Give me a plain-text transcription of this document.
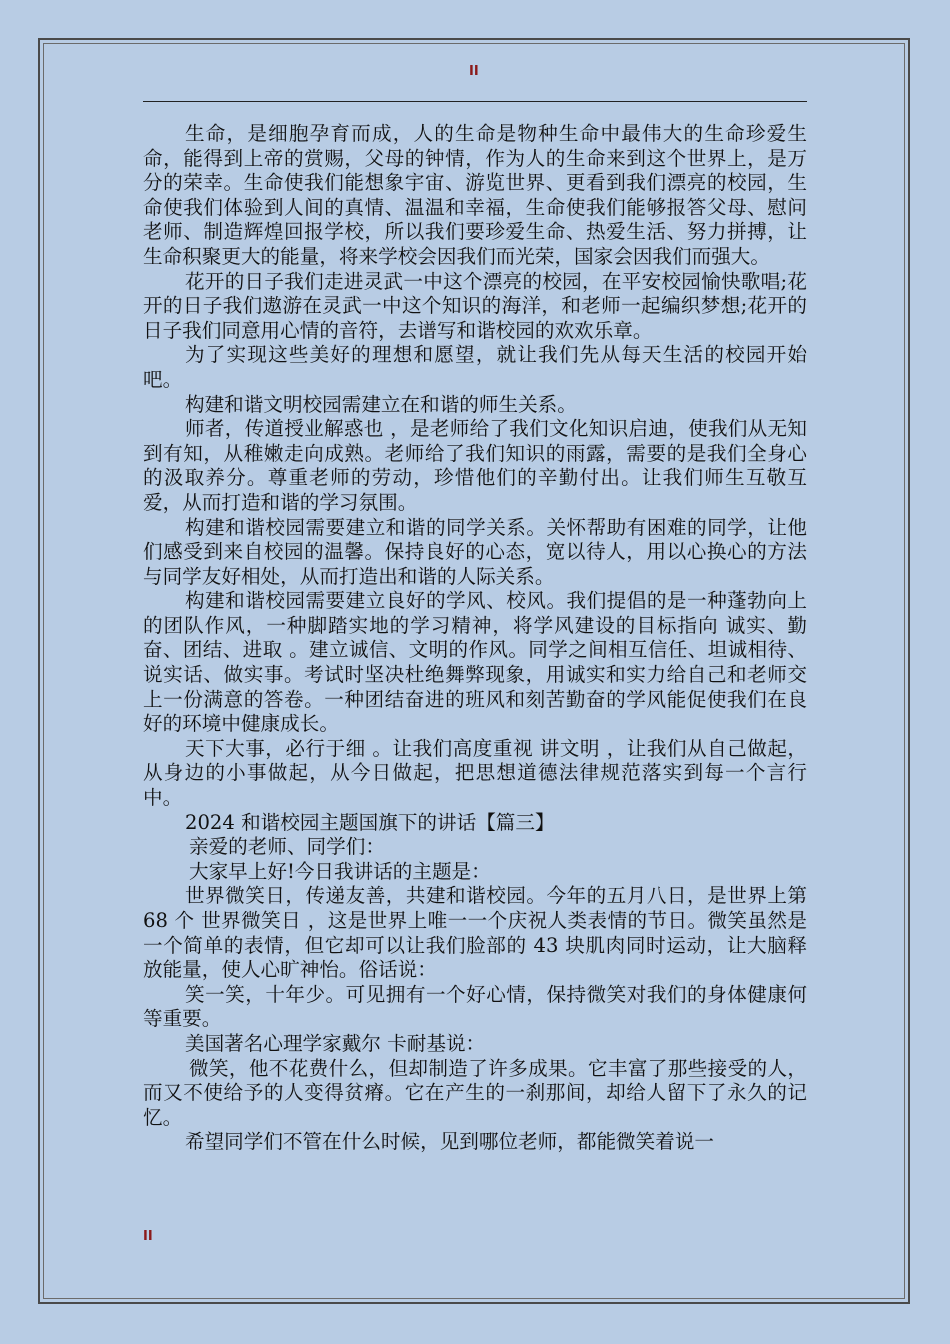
II

生命，是细胞孕育而成，人的生命是物种生命中最伟大的生命珍爱生命，能得到上帝的赏赐，父母的钟情，作为人的生命来到这个世界上，是万分的荣幸。生命使我们能想象宇宙、游览世界、更看到我们漂亮的校园，生命使我们体验到人间的真情、温温和幸福，生命使我们能够报答父母、慰问老师、制造辉煌回报学校，所以我们要珍爱生命、热爱生活、努力拼搏，让生命积聚更大的能量，将来学校会因我们而光荣，国家会因我们而强大。

花开的日子我们走进灵武一中这个漂亮的校园，在平安校园愉快歌唱;花开的日子我们遨游在灵武一中这个知识的海洋，和老师一起编织梦想;花开的日子我们同意用心情的音符，去谱写和谐校园的欢欢乐章。

为了实现这些美好的理想和愿望，就让我们先从每天生活的校园开始吧。

构建和谐文明校园需建立在和谐的师生关系。

师者，传道授业解惑也 ，是老师给了我们文化知识启迪，使我们从无知到有知，从稚嫩走向成熟。老师给了我们知识的雨露，需要的是我们全身心的汲取养分。尊重老师的劳动，珍惜他们的辛勤付出。让我们师生互敬互爱，从而打造和谐的学习氛围。

构建和谐校园需要建立和谐的同学关系。关怀帮助有困难的同学，让他们感受到来自校园的温馨。保持良好的心态，宽以待人，用以心换心的方法与同学友好相处，从而打造出和谐的人际关系。

构建和谐校园需要建立良好的学风、校风。我们提倡的是一种蓬勃向上的团队作风，一种脚踏实地的学习精神，将学风建设的目标指向 诚实、勤奋、团结、进取 。建立诚信、文明的作风。同学之间相互信任、坦诚相待、说实话、做实事。考试时坚决杜绝舞弊现象，用诚实和实力给自己和老师交上一份满意的答卷。一种团结奋进的班风和刻苦勤奋的学风能促使我们在良好的环境中健康成长。

天下大事，必行于细 。让我们高度重视 讲文明 ，让我们从自己做起，从身边的小事做起，从今日做起，把思想道德法律规范落实到每一个言行中。

2024 和谐校园主题国旗下的讲话【篇三】

亲爱的老师、同学们：

大家早上好!今日我讲话的主题是：

世界微笑日，传递友善，共建和谐校园。今年的五月八日，是世界上第 68 个 世界微笑日 ，这是世界上唯一一个庆祝人类表情的节日。微笑虽然是一个简单的表情，但它却可以让我们脸部的 43 块肌肉同时运动，让大脑释放能量，使人心旷神怡。俗话说：

笑一笑，十年少。可见拥有一个好心情，保持微笑对我们的身体健康何等重要。

美国著名心理学家戴尔 卡耐基说：

微笑，他不花费什么，但却制造了许多成果。它丰富了那些接受的人，而又不使给予的人变得贫瘠。它在产生的一刹那间，却给人留下了永久的记忆。

希望同学们不管在什么时候，见到哪位老师，都能微笑着说一

II
